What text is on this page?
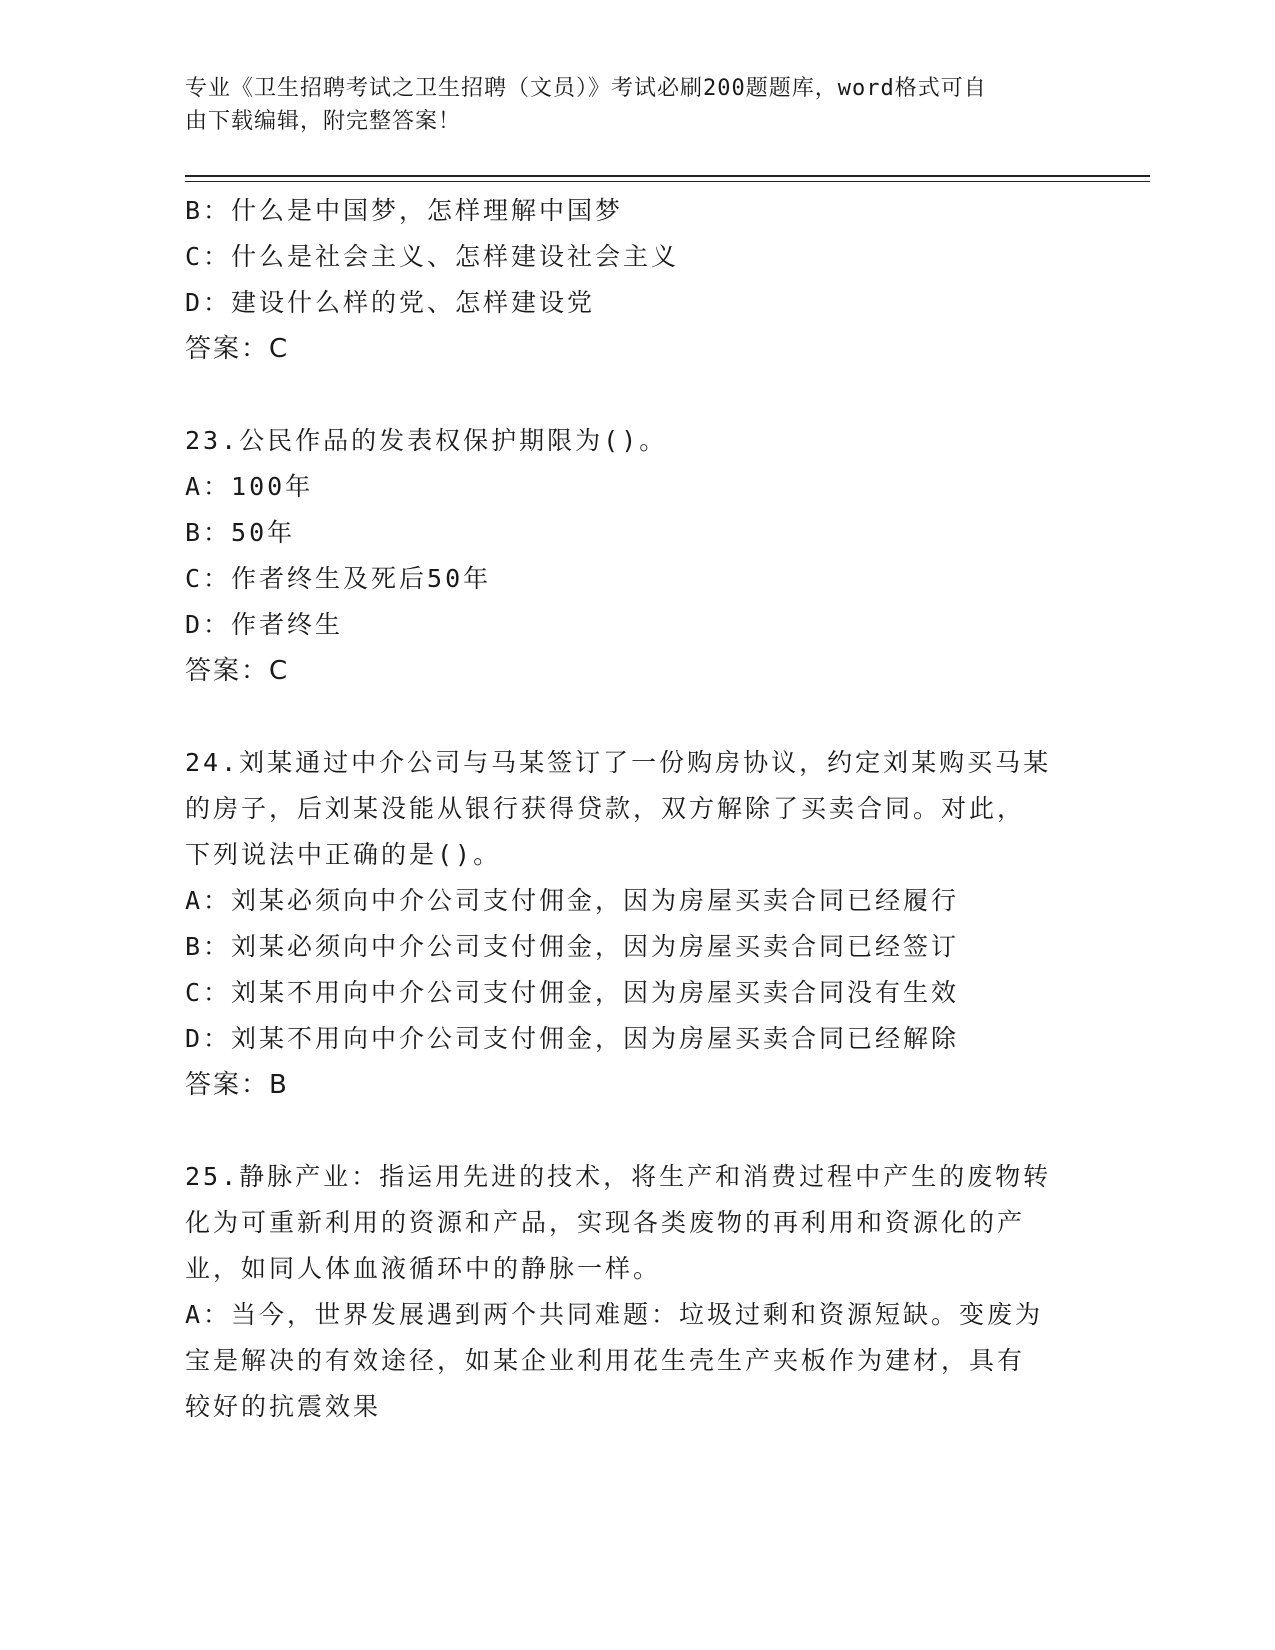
专业《卫生招聘考试之卫生招聘（文员）》考试必刷200题题库，word格式可自
由下载编辑，附完整答案！
B：什么是中国梦，怎样理解中国梦
C：什么是社会主义、怎样建设社会主义
D：建设什么样的党、怎样建设党
答案：C
23.公民作品的发表权保护期限为()。
A：100年
B：50年
C：作者终生及死后50年
D：作者终生
答案：C
24.刘某通过中介公司与马某签订了一份购房协议，约定刘某购买马某
的房子，后刘某没能从银行获得贷款，双方解除了买卖合同。对此，
下列说法中正确的是()。
A：刘某必须向中介公司支付佣金，因为房屋买卖合同已经履行
B：刘某必须向中介公司支付佣金，因为房屋买卖合同已经签订
C：刘某不用向中介公司支付佣金，因为房屋买卖合同没有生效
D：刘某不用向中介公司支付佣金，因为房屋买卖合同已经解除
答案：B
25.静脉产业：指运用先进的技术，将生产和消费过程中产生的废物转
化为可重新利用的资源和产品，实现各类废物的再利用和资源化的产
业，如同人体血液循环中的静脉一样。
A：当今，世界发展遇到两个共同难题：垃圾过剩和资源短缺。变废为
宝是解决的有效途径，如某企业利用花生壳生产夹板作为建材，具有
较好的抗震效果
